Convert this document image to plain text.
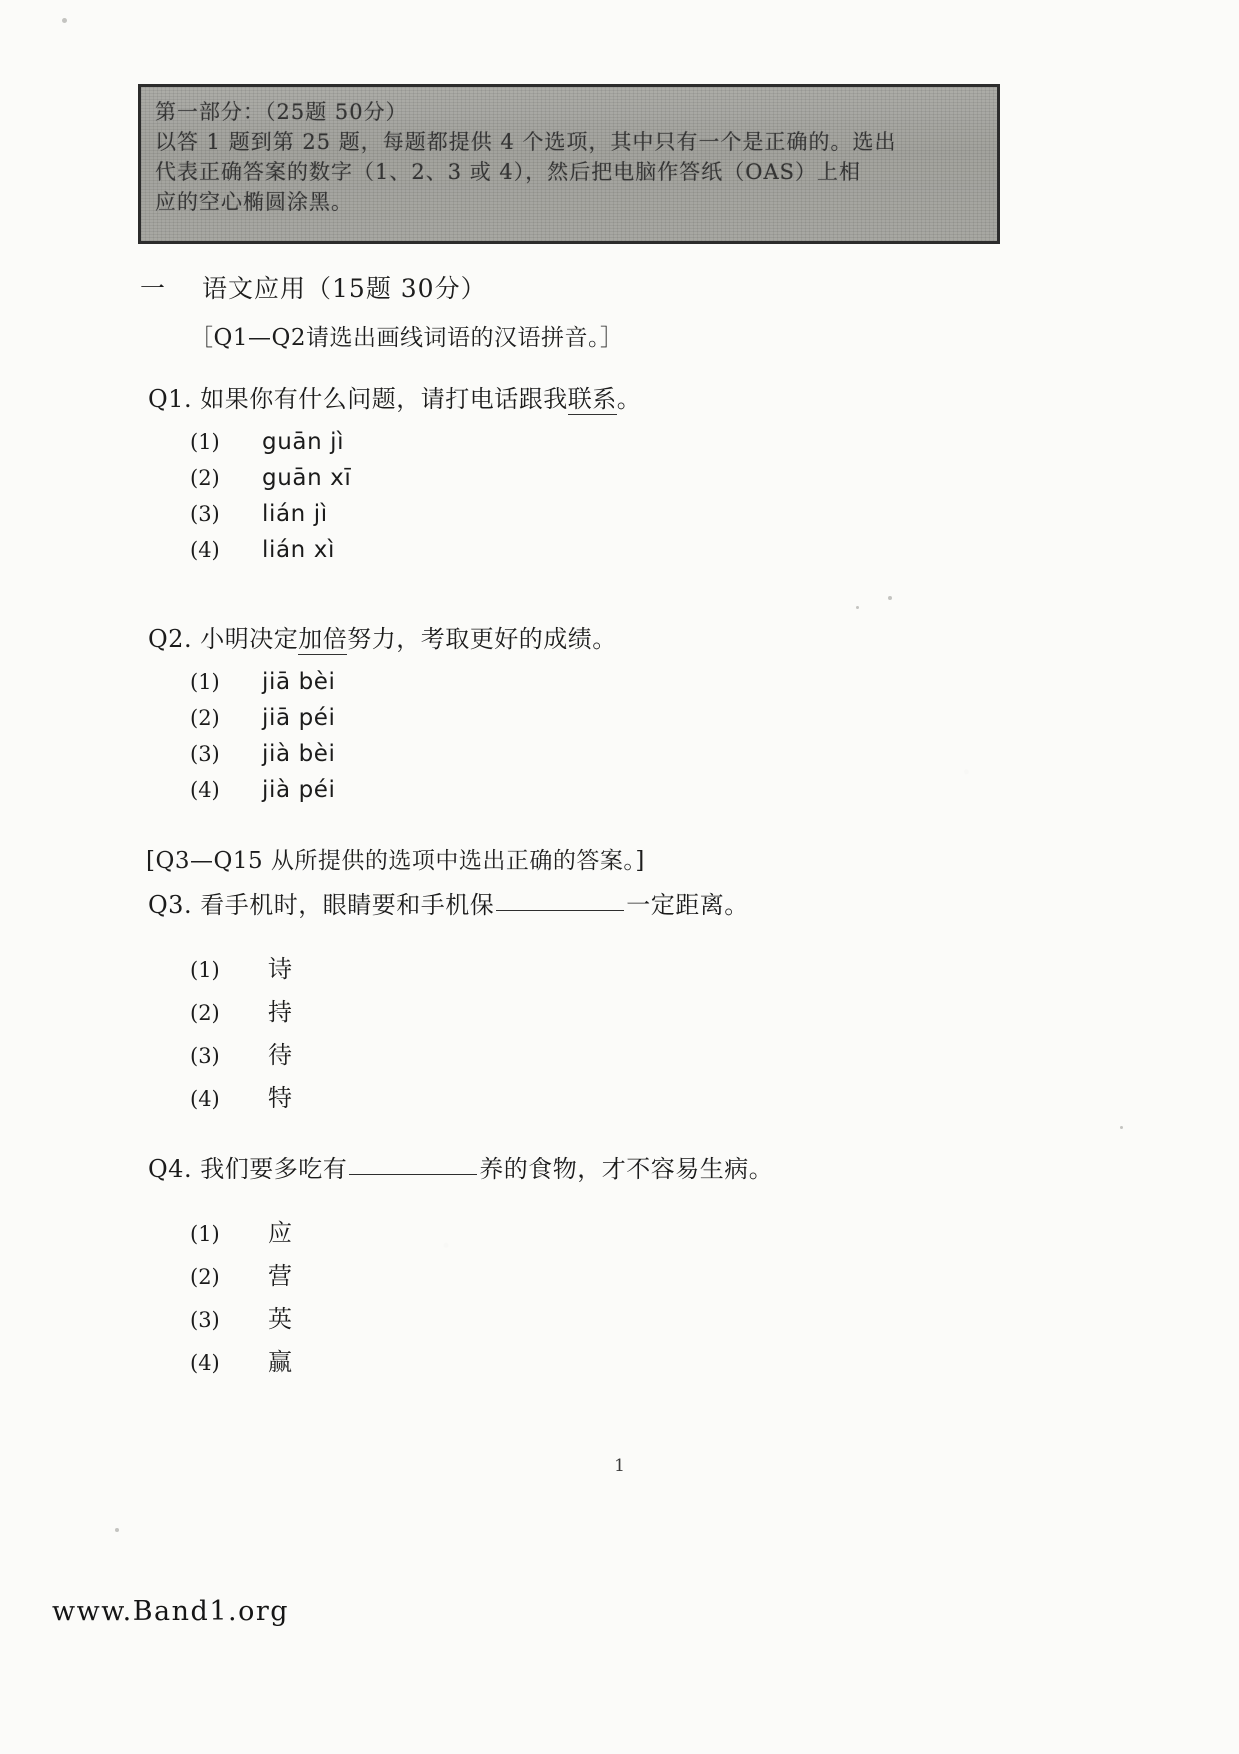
第一部分：（25题 50分）
以答 1 题到第 25 题，每题都提供 4 个选项，其中只有一个是正确的。选出
代表正确答案的数字（1、2、3 或 4），然后把电脑作答纸（OAS）上相
应的空心椭圆涂黑。
一 语文应用（15题 30分）
［Q1—Q2请选出画线词语的汉语拼音。］
Q1. 如果你有什么问题，请打电话跟我联系。
(1)	guān jì
(2)	guān xī
(3)	lián jì
(4)	lián xì
Q2. 小明决定加倍努力，考取更好的成绩。
(1)	jiā bèi
(2)	jiā péi
(3)	jià bèi
(4)	jià péi
[Q3—Q15 从所提供的选项中选出正确的答案。]
Q3. 看手机时，眼睛要和手机保	一定距离。
(1)	诗
(2)	持
(3)	待
(4)	特
Q4. 我们要多吃有	养的食物，才不容易生病。
(1)	应
(2)	营
(3)	英
(4)	赢
1
www.Band1.org
